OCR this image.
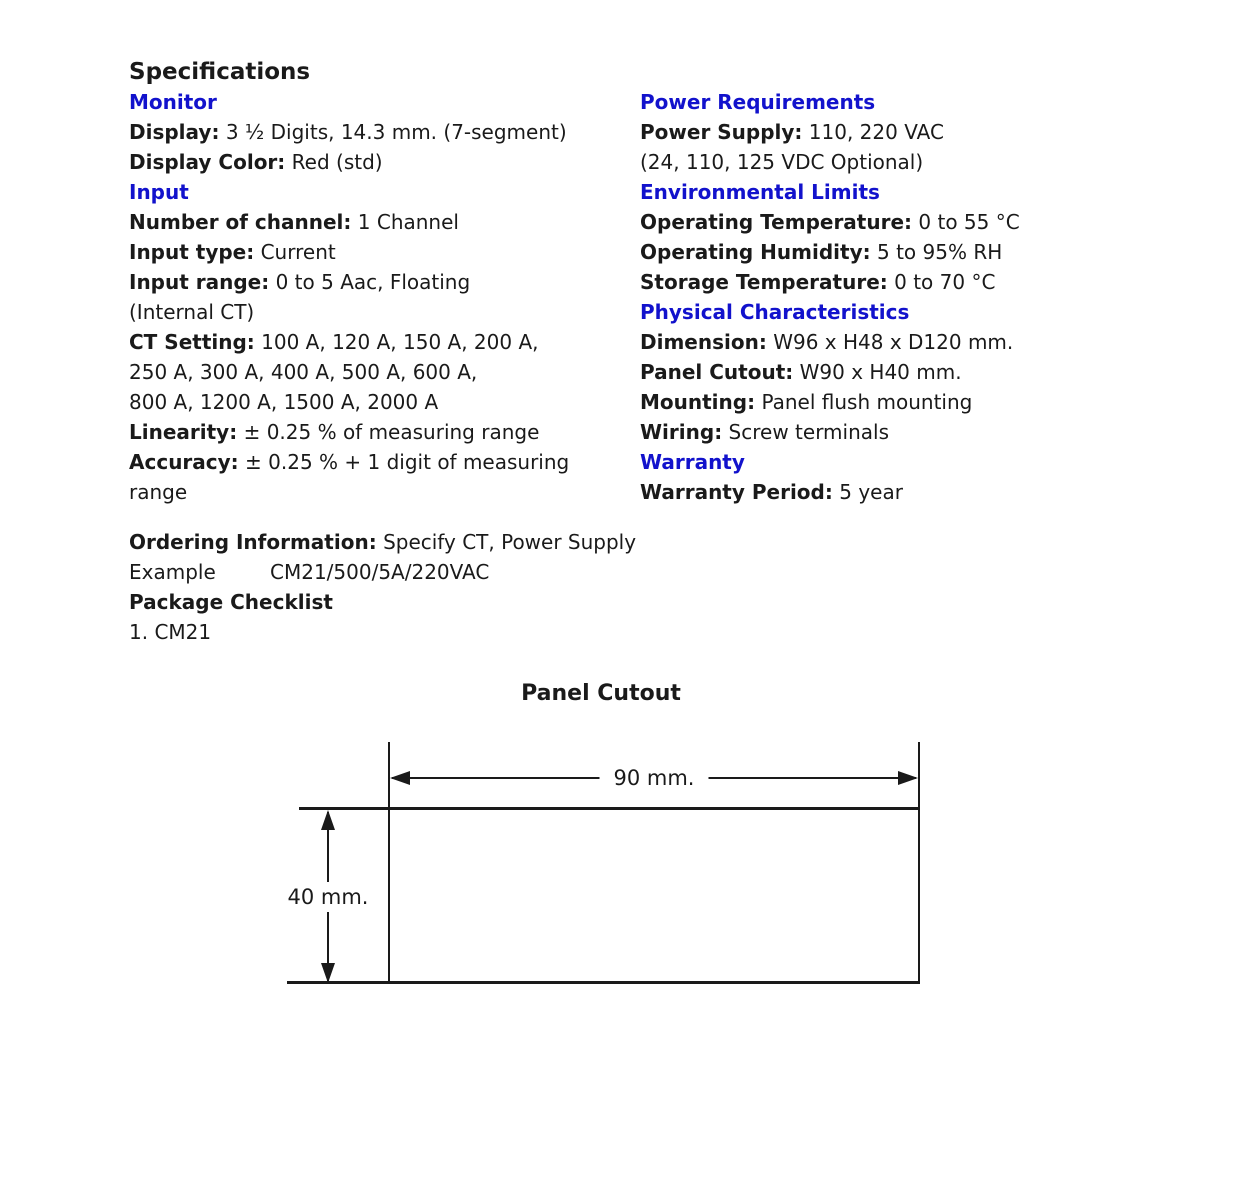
Specifications
Monitor
Display: 3 ½ Digits, 14.3 mm. (7-segment)
Display Color: Red (std)
Input
Number of channel: 1 Channel
Input type: Current
Input range: 0 to 5 Aac, Floating
(Internal CT)
CT Setting: 100 A, 120 A, 150 A, 200 A,
250 A, 300 A, 400 A, 500 A, 600 A,
800 A, 1200 A, 1500 A, 2000 A
Linearity: ± 0.25 % of measuring range
Accuracy: ± 0.25 % + 1 digit of measuring
range
Power Requirements
Power Supply: 110, 220 VAC
(24, 110, 125 VDC Optional)
Environmental Limits
Operating Temperature: 0 to 55 °C
Operating Humidity: 5 to 95% RH
Storage Temperature: 0 to 70 °C
Physical Characteristics
Dimension: W96 x H48 x D120 mm.
Panel Cutout: W90 x H40 mm.
Mounting: Panel flush mounting
Wiring: Screw terminals
Warranty
Warranty Period: 5 year
Ordering Information: Specify CT, Power Supply
Example	CM21/500/5A/220VAC
Package Checklist
1. CM21
Panel Cutout
90 mm.
40 mm.
